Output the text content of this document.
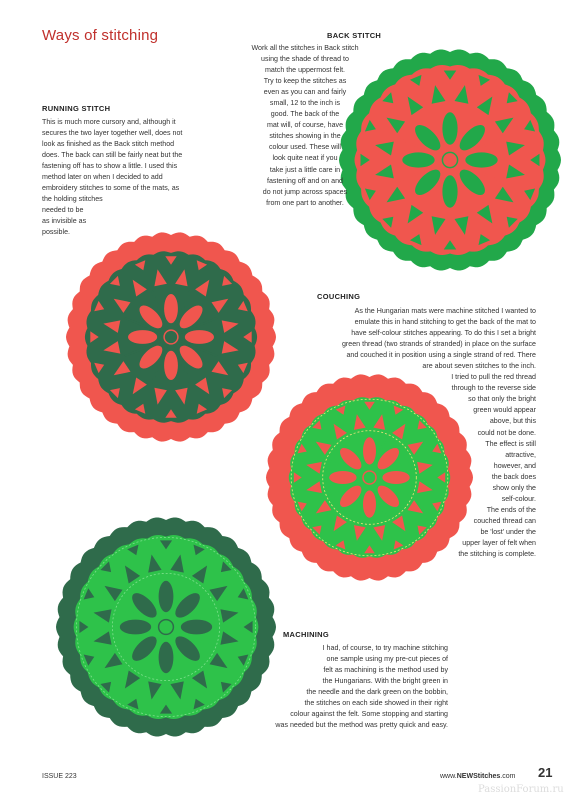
Ways of stitching
RUNNING STITCH
This is much more cursory and, although it
secures the two layer together well, does not
look as finished as the Back stitch method
does. The back can still be fairly neat but the
fastening off has to show a little. I used this
method later on when I decided to add
embroidery stitches to some of the mats, as
the holding stitches
needed to be
as invisible as
possible.
BACK STITCH
Work all the stitches in Back stitch
using the shade of thread to
match the uppermost felt.
Try to keep the stitches as
even as you can and fairly
small, 12 to the inch is
good. The back of the
mat will, of course, have
stitches showing in the
colour used. These will
look quite neat if you
take just a little care in
fastening off and on and
do not jump across spaces
from one part to another.
COUCHING
As the Hungarian mats were machine stitched I wanted to
emulate this in hand stitching to get the back of the mat to
have self-colour stitches appearing. To do this I set a bright
green thread (two strands of stranded) in place on the surface
and couched it in position using a single strand of red. There
are about seven stitches to the inch.
I tried to pull the red thread
through to the reverse side
so that only the bright
green would appear
above, but this
could not be done.
The effect is still
attractive,
however, and
the back does
show only the
self-colour.
The ends of the
couched thread can
be 'lost' under the
upper layer of felt when
the stitching is complete.
MACHINING
I had, of course, to try machine stitching
one sample using my pre-cut pieces of
felt as machining is the method used by
the Hungarians. With the bright green in
the needle and the dark green on the bobbin,
the stitches on each side showed in their right
colour against the felt. Some stopping and starting
was needed but the method was pretty quick and easy.
ISSUE 223	www.NEWStitches.com 21
PassionForum.ru
